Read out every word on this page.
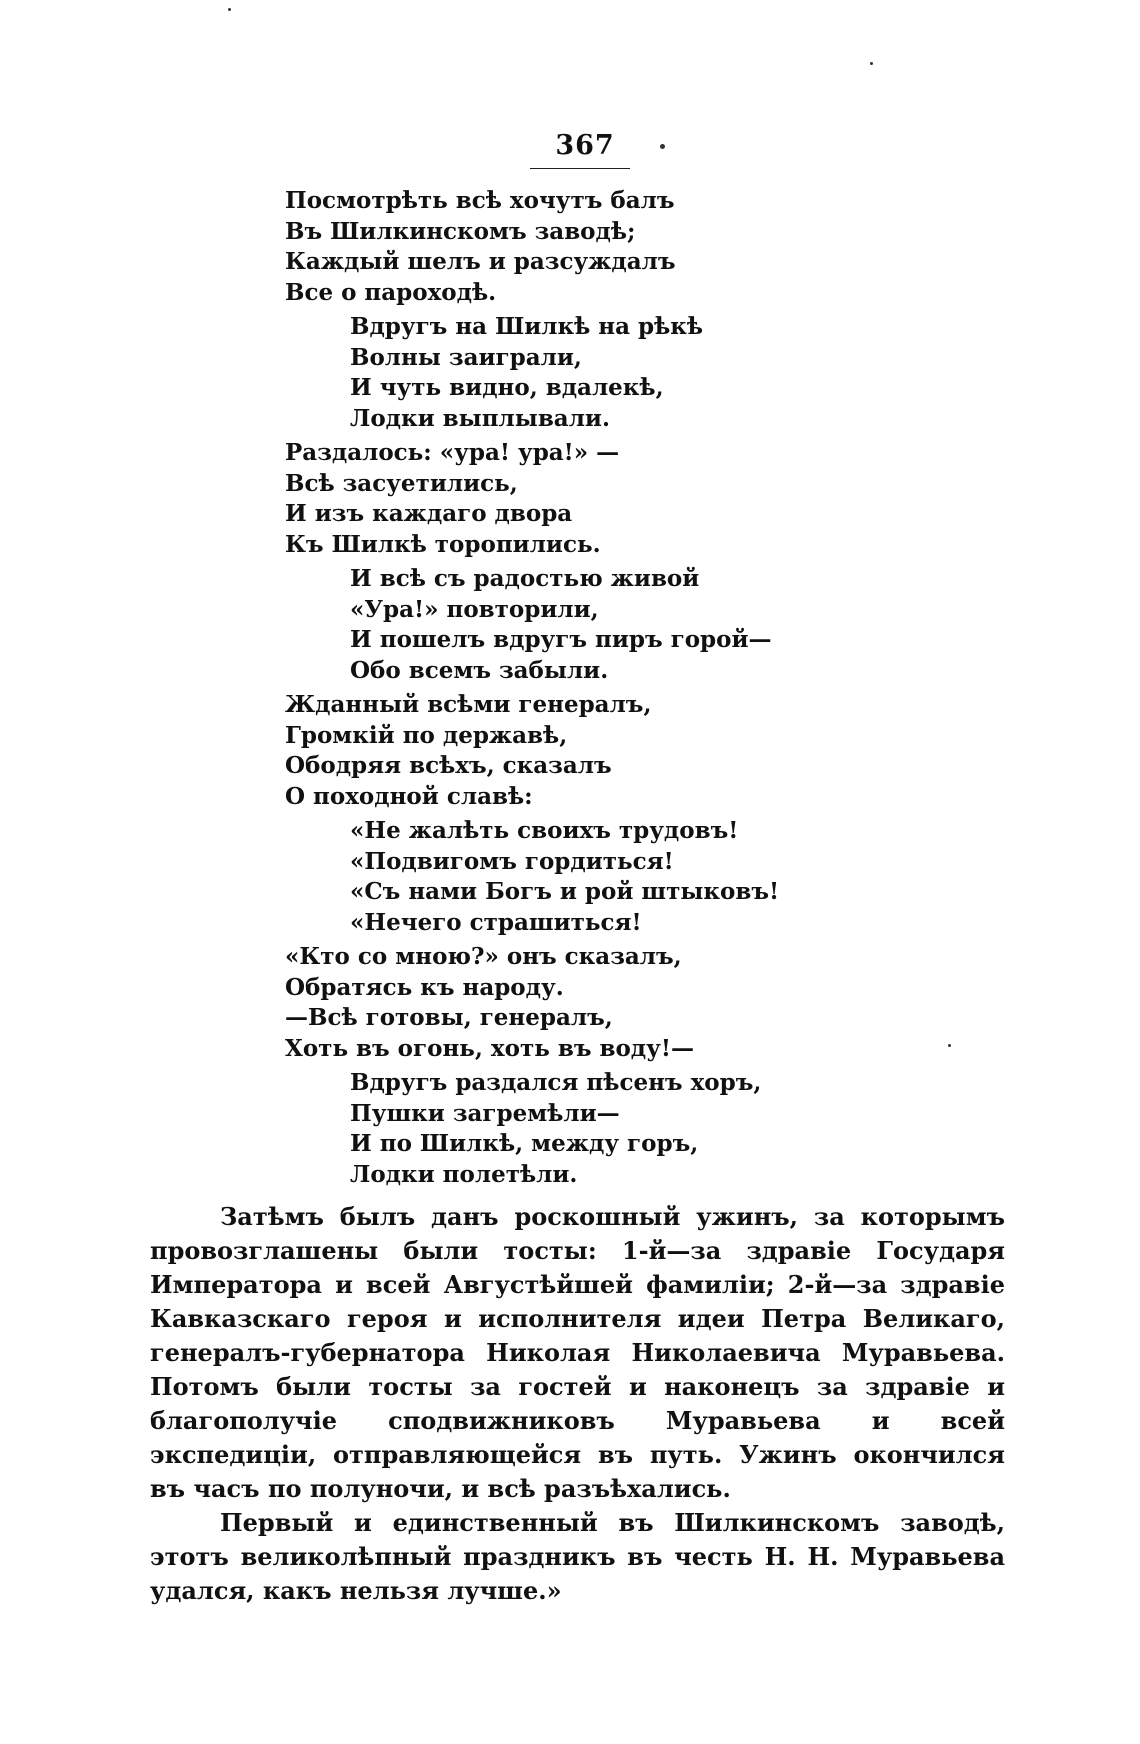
367
Посмотрѣть всѣ хочутъ балъ
Въ Шилкинскомъ заводѣ;
Каждый шелъ и разсуждалъ
Все о пароходѣ.
Вдругъ на Шилкѣ на рѣкѣ
Волны заиграли,
И чуть видно, вдалекѣ,
Лодки выплывали.
Раздалось: «ура! ура!» —
Всѣ засуетились,
И изъ каждаго двора
Къ Шилкѣ торопились.
И всѣ съ радостью живой
«Ура!» повторили,
И пошелъ вдругъ пиръ горой—
Обо всемъ забыли.
Жданный всѣми генералъ,
Громкій по державѣ,
Ободряя всѣхъ, сказалъ
О походной славѣ:
«Не жалѣть своихъ трудовъ!
«Подвигомъ гордиться!
«Съ нами Богъ и рой штыковъ!
«Нечего страшиться!
«Кто со мною?» онъ сказалъ,
Обратясь къ народу.
—Всѣ готовы, генералъ,
Хоть въ огонь, хоть въ воду!—
Вдругъ раздался пѣсенъ хоръ,
Пушки загремѣли—
И по Шилкѣ, между горъ,
Лодки полетѣли.

Затѣмъ былъ данъ роскошный ужинъ, за которымъ провозглашены были тосты: 1-й—за здравіе Государя Императора и всей Августѣйшей фамиліи; 2-й—за здравіе Кавказскаго героя и исполнителя идеи Петра Великаго, генералъ-губернатора Николая Николаевича Муравьева. Потомъ были тосты за гостей и наконецъ за здравіе и благополучіе сподвижниковъ Муравьева и всей экспедиціи, отправляющейся въ путь. Ужинъ окончился въ часъ по полуночи, и всѣ разъѣхались.

Первый и единственный въ Шилкинскомъ заводѣ, этотъ великолѣпный праздникъ въ честь Н. Н. Муравьева удался, какъ нельзя лучше.»
